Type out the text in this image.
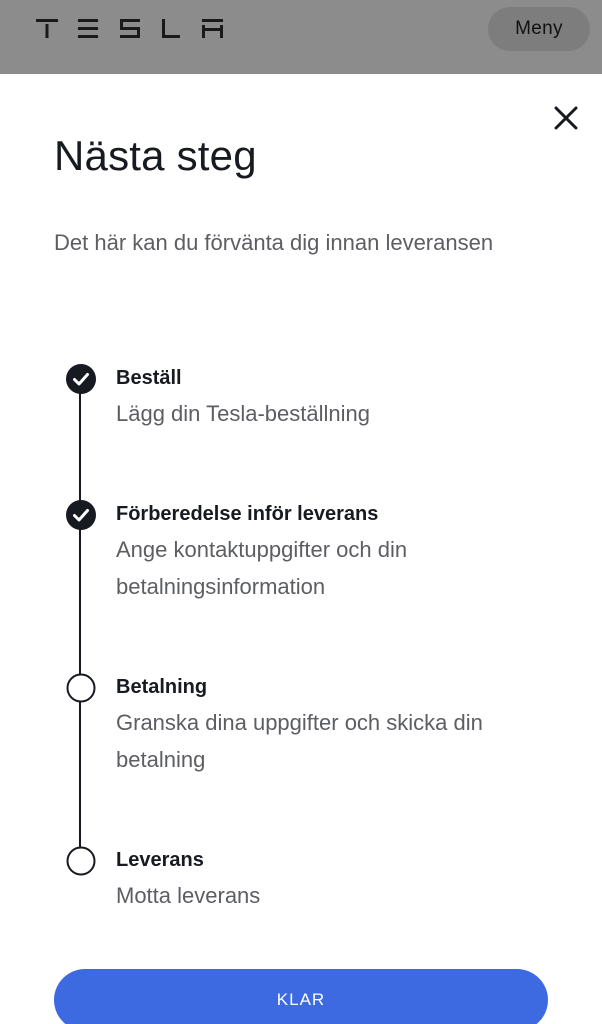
Meny
Nästa steg

Det här kan du förvänta dig innan leveransen

Beställ

Lägg din Tesla-beställning

Förberedelse inför leverans

Ange kontaktuppgifter och din betalningsinformation

Betalning

Granska dina uppgifter och skicka din betalning

Leverans

Motta leverans

KLAR
